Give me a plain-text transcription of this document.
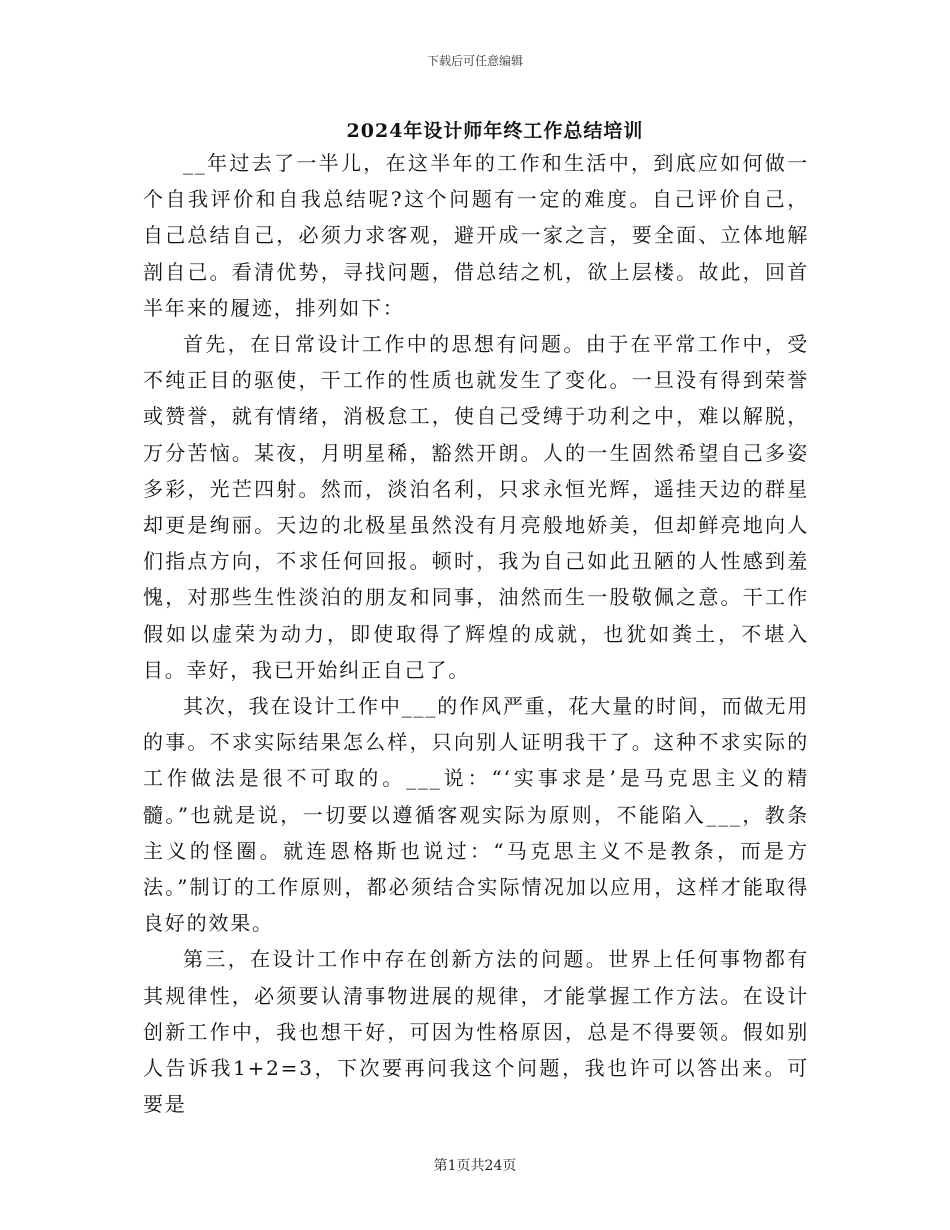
下载后可任意编辑
2024年设计师年终工作总结培训

__年过去了一半儿，在这半年的工作和生活中，到底应如何做一个自我评价和自我总结呢?这个问题有一定的难度。自己评价自己，自己总结自己，必须力求客观，避开成一家之言，要全面、立体地解剖自己。看清优势，寻找问题，借总结之机，欲上层楼。故此，回首半年来的履迹，排列如下：

首先，在日常设计工作中的思想有问题。由于在平常工作中，受不纯正目的驱使，干工作的性质也就发生了变化。一旦没有得到荣誉或赞誉，就有情绪，消极怠工，使自己受缚于功利之中，难以解脱，万分苦恼。某夜，月明星稀，豁然开朗。人的一生固然希望自己多姿多彩，光芒四射。然而，淡泊名利，只求永恒光辉，遥挂天边的群星却更是绚丽。天边的北极星虽然没有月亮般地娇美，但却鲜亮地向人们指点方向，不求任何回报。顿时，我为自己如此丑陋的人性感到羞愧，对那些生性淡泊的朋友和同事，油然而生一股敬佩之意。干工作假如以虚荣为动力，即使取得了辉煌的成就，也犹如粪土，不堪入目。幸好，我已开始纠正自己了。

其次，我在设计工作中___的作风严重，花大量的时间，而做无用的事。不求实际结果怎么样，只向别人证明我干了。这种不求实际的工作做法是很不可取的。___说：“‘实事求是’是马克思主义的精髓。”也就是说，一切要以遵循客观实际为原则，不能陷入___，教条主义的怪圈。就连恩格斯也说过：“马克思主义不是教条，而是方法。”制订的工作原则，都必须结合实际情况加以应用，这样才能取得良好的效果。

第三，在设计工作中存在创新方法的问题。世界上任何事物都有其规律性，必须要认清事物进展的规律，才能掌握工作方法。在设计创新工作中，我也想干好，可因为性格原因，总是不得要领。假如别人告诉我1+2=3，下次要再问我这个问题，我也许可以答出来。可要是

第1页共24页
